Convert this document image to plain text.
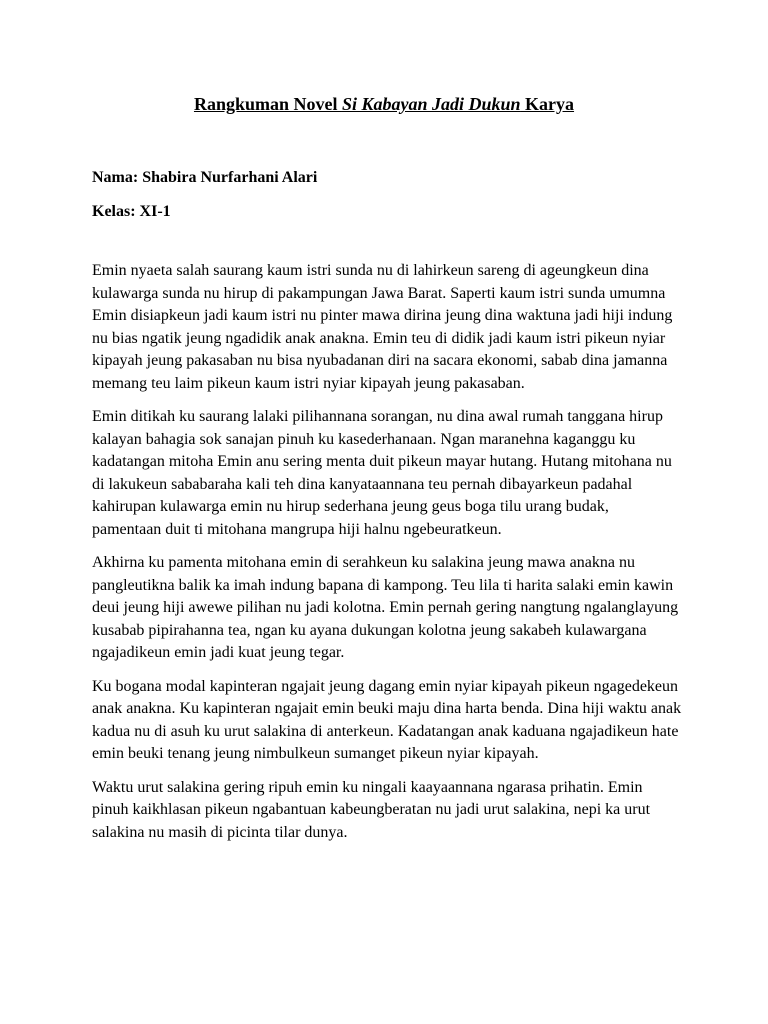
Rangkuman Novel Si Kabayan Jadi Dukun Karya

Nama: Shabira Nurfarhani Alari

Kelas: XI-1

Emin nyaeta salah saurang kaum istri sunda nu di lahirkeun sareng di ageungkeun dina kulawarga sunda nu hirup di pakampungan Jawa Barat. Saperti kaum istri sunda umumna Emin disiapkeun jadi kaum istri nu pinter mawa dirina jeung dina waktuna jadi hiji indung nu bias ngatik jeung ngadidik anak anakna. Emin teu di didik jadi kaum istri pikeun nyiar kipayah jeung pakasaban nu bisa nyubadanan diri na sacara ekonomi, sabab dina jamanna memang teu laim pikeun kaum istri nyiar kipayah jeung pakasaban.

Emin ditikah ku saurang lalaki pilihannana sorangan, nu dina awal rumah tanggana hirup kalayan bahagia sok sanajan pinuh ku kasederhanaan. Ngan maranehna kaganggu ku kadatangan mitoha Emin anu sering menta duit pikeun mayar hutang. Hutang mitohana nu di lakukeun sababaraha kali teh dina kanyataannana teu pernah dibayarkeun padahal kahirupan kulawarga emin nu hirup sederhana jeung geus boga tilu urang budak, pamentaan duit ti mitohana mangrupa hiji halnu ngebeuratkeun.

Akhirna ku pamenta mitohana emin di serahkeun ku salakina jeung mawa anakna nu pangleutikna balik ka imah indung bapana di kampong. Teu lila ti harita salaki emin kawin deui jeung hiji awewe pilihan nu jadi kolotna. Emin pernah gering nangtung ngalanglayung kusabab pipirahanna tea, ngan ku ayana dukungan kolotna jeung sakabeh kulawargana ngajadikeun emin jadi kuat jeung tegar.

Ku bogana modal kapinteran ngajait jeung dagang emin nyiar kipayah pikeun ngagedekeun anak anakna. Ku kapinteran ngajait emin beuki maju dina harta benda. Dina hiji waktu anak kadua nu di asuh ku urut salakina di anterkeun. Kadatangan anak kaduana ngajadikeun hate emin beuki tenang jeung nimbulkeun sumanget pikeun nyiar kipayah.

Waktu urut salakina gering ripuh emin ku ningali kaayaannana ngarasa prihatin. Emin pinuh kaikhlasan pikeun ngabantuan kabeungberatan nu jadi urut salakina, nepi ka urut salakina nu masih di picinta tilar dunya.
